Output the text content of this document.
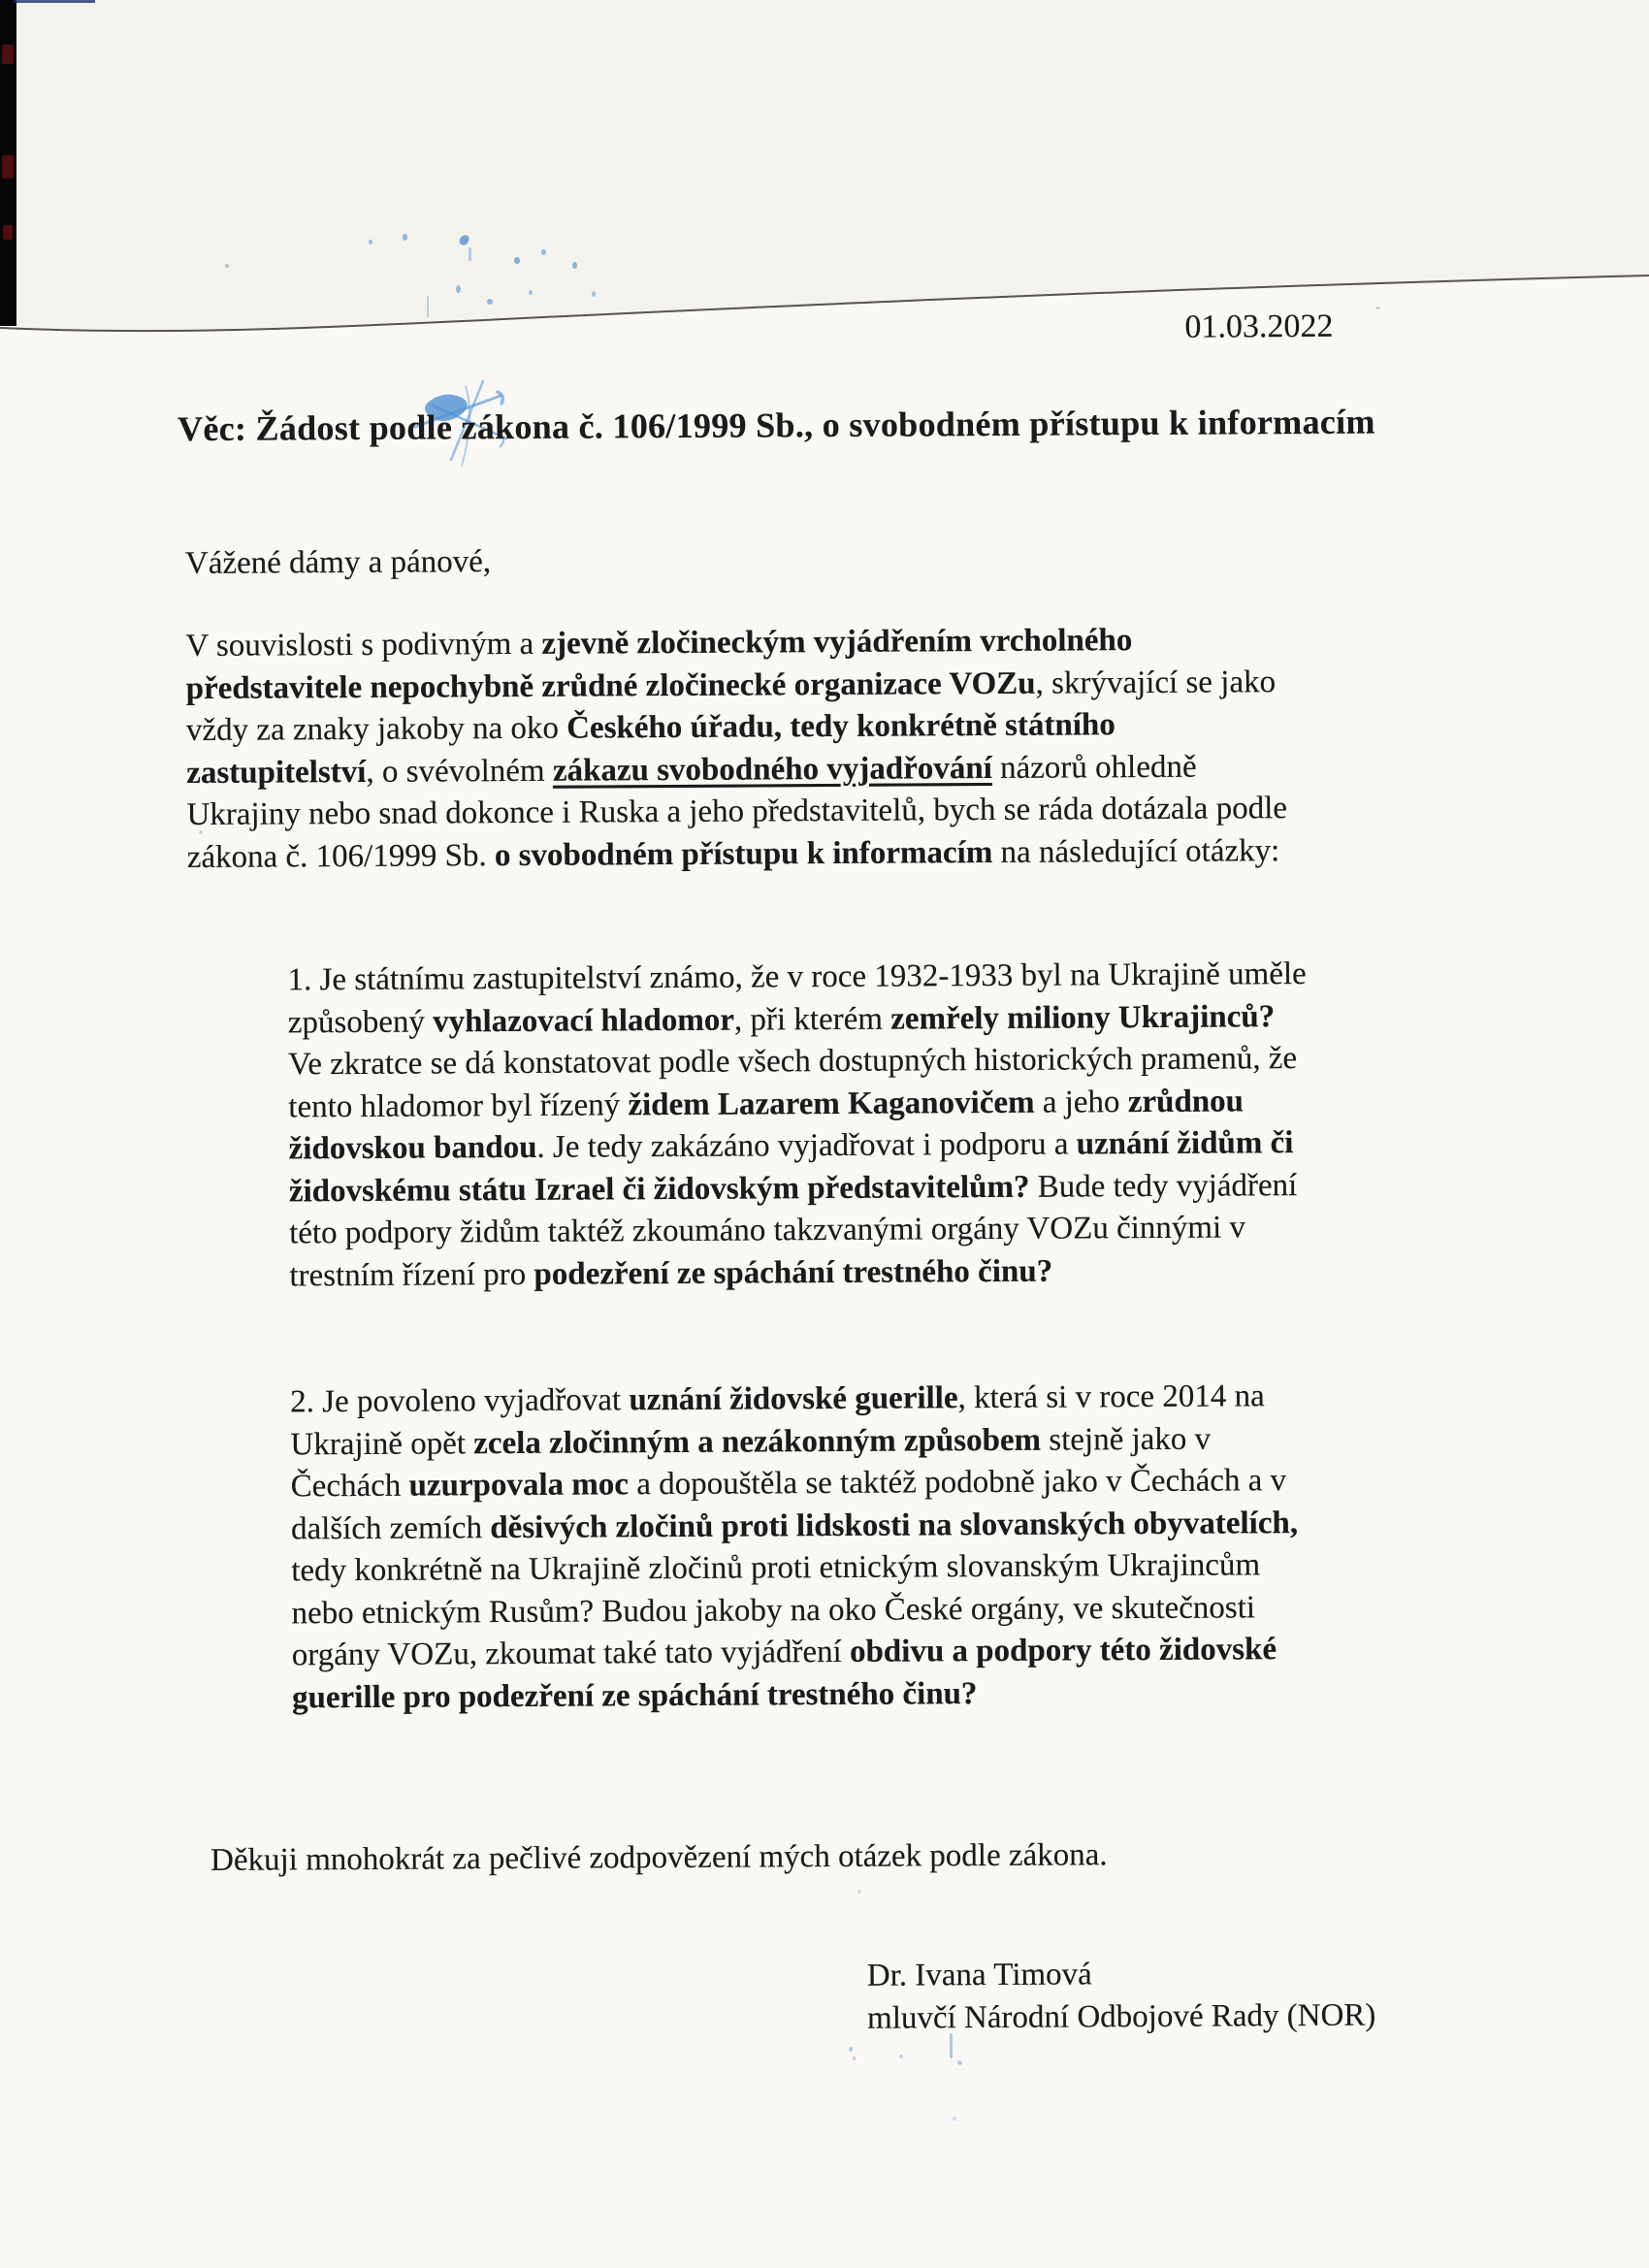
01.03.2022
Věc: Žádost podle zákona č. 106/1999 Sb., o svobodném přístupu k informacím
Vážené dámy a pánové,
V souvislosti s podivným a zjevně zločineckým vyjádřením vrcholného
představitele nepochybně zrůdné zločinecké organizace VOZu, skrývající se jako
vždy za znaky jakoby na oko Českého úřadu, tedy konkrétně státního
zastupitelství, o svévolném zákazu svobodného vyjadřování názorů ohledně
Ukrajiny nebo snad dokonce i Ruska a jeho představitelů, bych se ráda dotázala podle
zákona č. 106/1999 Sb. o svobodném přístupu k informacím na následující otázky:
1. Je státnímu zastupitelství známo, že v roce 1932-1933 byl na Ukrajině uměle
způsobený vyhlazovací hladomor, při kterém zemřely miliony Ukrajinců?
Ve zkratce se dá konstatovat podle všech dostupných historických pramenů, že
tento hladomor byl řízený židem Lazarem Kaganovičem a jeho zrůdnou
židovskou bandou. Je tedy zakázáno vyjadřovat i podporu a uznání židům či
židovskému státu Izrael či židovským představitelům? Bude tedy vyjádření
této podpory židům taktéž zkoumáno takzvanými orgány VOZu činnými v
trestním řízení pro podezření ze spáchání trestného činu?
2. Je povoleno vyjadřovat uznání židovské guerille, která si v roce 2014 na
Ukrajině opět zcela zločinným a nezákonným způsobem stejně jako v
Čechách uzurpovala moc a dopouštěla se taktéž podobně jako v Čechách a v
dalších zemích děsivých zločinů proti lidskosti na slovanských obyvatelích,
tedy konkrétně na Ukrajině zločinů proti etnickým slovanským Ukrajincům
nebo etnickým Rusům? Budou jakoby na oko České orgány, ve skutečnosti
orgány VOZu, zkoumat také tato vyjádření obdivu a podpory této židovské
guerille pro podezření ze spáchání trestného činu?
Děkuji mnohokrát za pečlivé zodpovězení mých otázek podle zákona.
Dr. Ivana Timová
mluvčí Národní Odbojové Rady (NOR)
